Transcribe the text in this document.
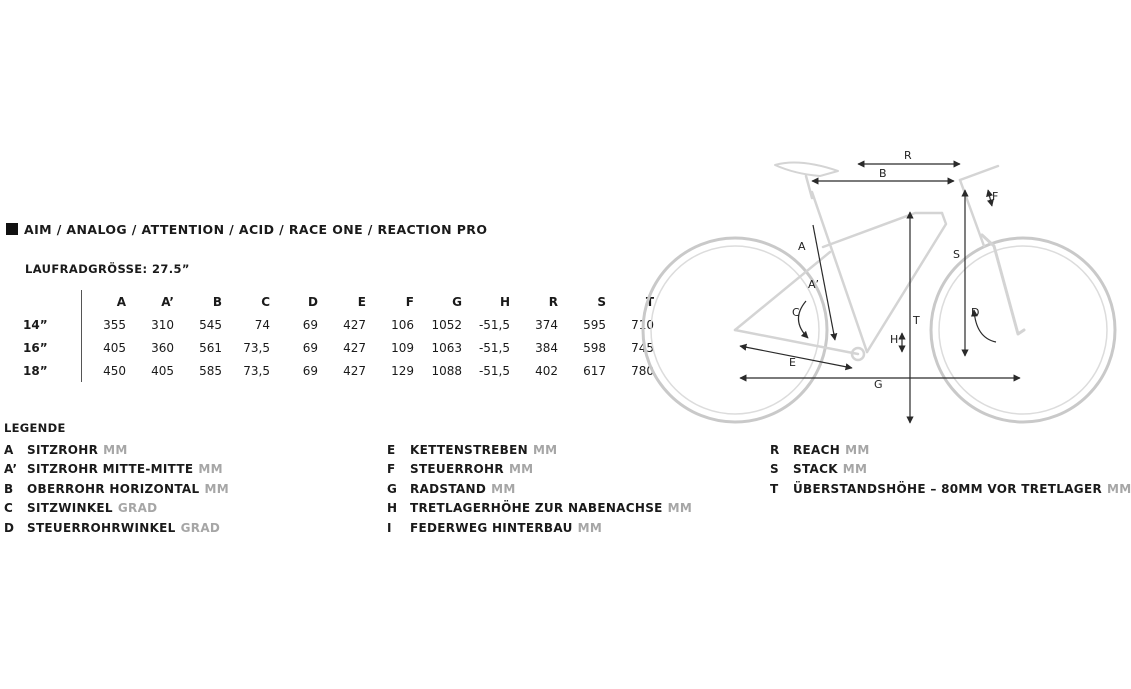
AIM / ANALOG / ATTENTION / ACID / RACE ONE / REACTION PRO
LAUFRADGRÖSSE: 27.5”
	A	A’	B	C	D	E	F	G	H	R	S	T
14”	355	310	545	74	69	427	106	1052	-51,5	374	595	710
16”	405	360	561	73,5	69	427	109	1063	-51,5	384	598	745
18”	450	405	585	73,5	69	427	129	1088	-51,5	402	617	780
LEGENDE
A	SITZROHR MM
A’ SITZROHR MITTE-MITTE MM
B	OBERROHR HORIZONTAL MM
C	SITZWINKEL GRAD
D	STEUERROHRWINKEL GRAD
E	KETTENSTREBEN MM
F	STEUERROHR MM
G	RADSTAND MM
H	TRETLAGERHÖHE ZUR NABENACHSE MM
I	FEDERWEG HINTERBAU MM
R	REACH MM
S	STACK MM
T	ÜBERSTANDSHÖHE – 80MM VOR TRETLAGER MM
R
B
F
A
A’
S
C	D
T
H
E
G
